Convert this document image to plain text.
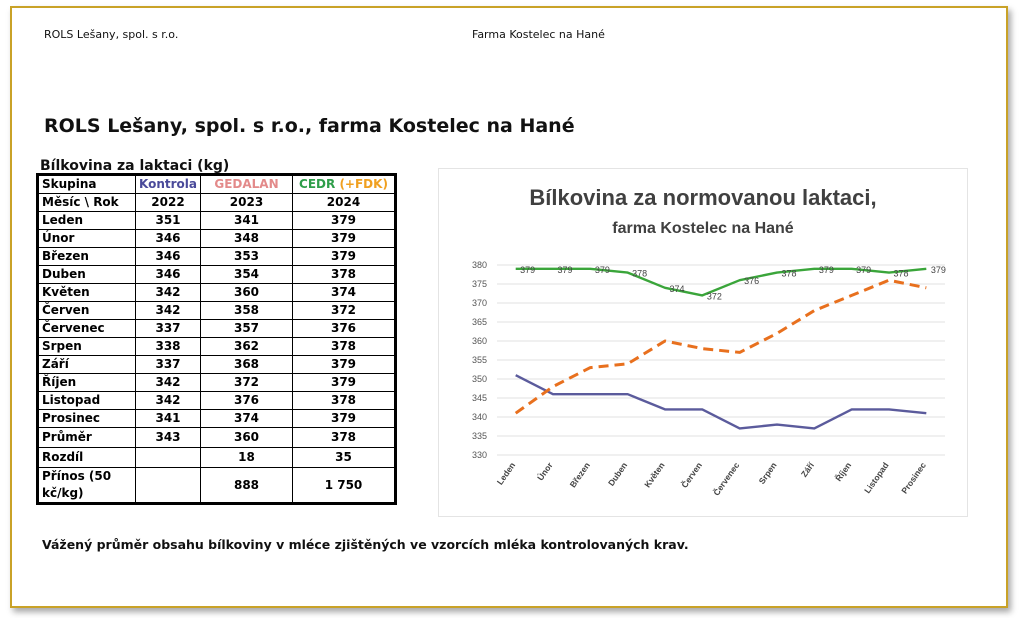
ROLS Lešany, spol. s r.o.	Farma Kostelec na Hané
ROLS Lešany, spol. s r.o., farma Kostelec na Hané
Bílkovina za laktaci (kg)
Skupina	Kontrola	GEDALAN	CEDR (+FDK)
Měsíc \ Rok	2022	2023	2024
Leden	351	341	379
Únor	346	348	379
Březen	346	353	379
Duben	346	354	378
Květen	342	360	374
Červen	342	358	372
Červenec	337	357	376
Srpen	338	362	378
Září	337	368	379
Říjen	342	372	379
Listopad	342	376	378
Prosinec	341	374	379
Průměr	343	360	378
Rozdíl		18	35
Přínos (50 kč/kg)		888	1 750
Bílkovina za normovanou laktaci,
farma Kostelec na Hané
330
335
340
345
350
355
360
365
370
375
380
Leden Únor Březen Duben Květen Červen Červenec Srpen Září Říjen Listopad Prosinec
379 379 379 378
374
372
376
378 379 379 378 379
Vážený průměr obsahu bílkoviny v mléce zjištěných ve vzorcích mléka kontrolovaných krav.
